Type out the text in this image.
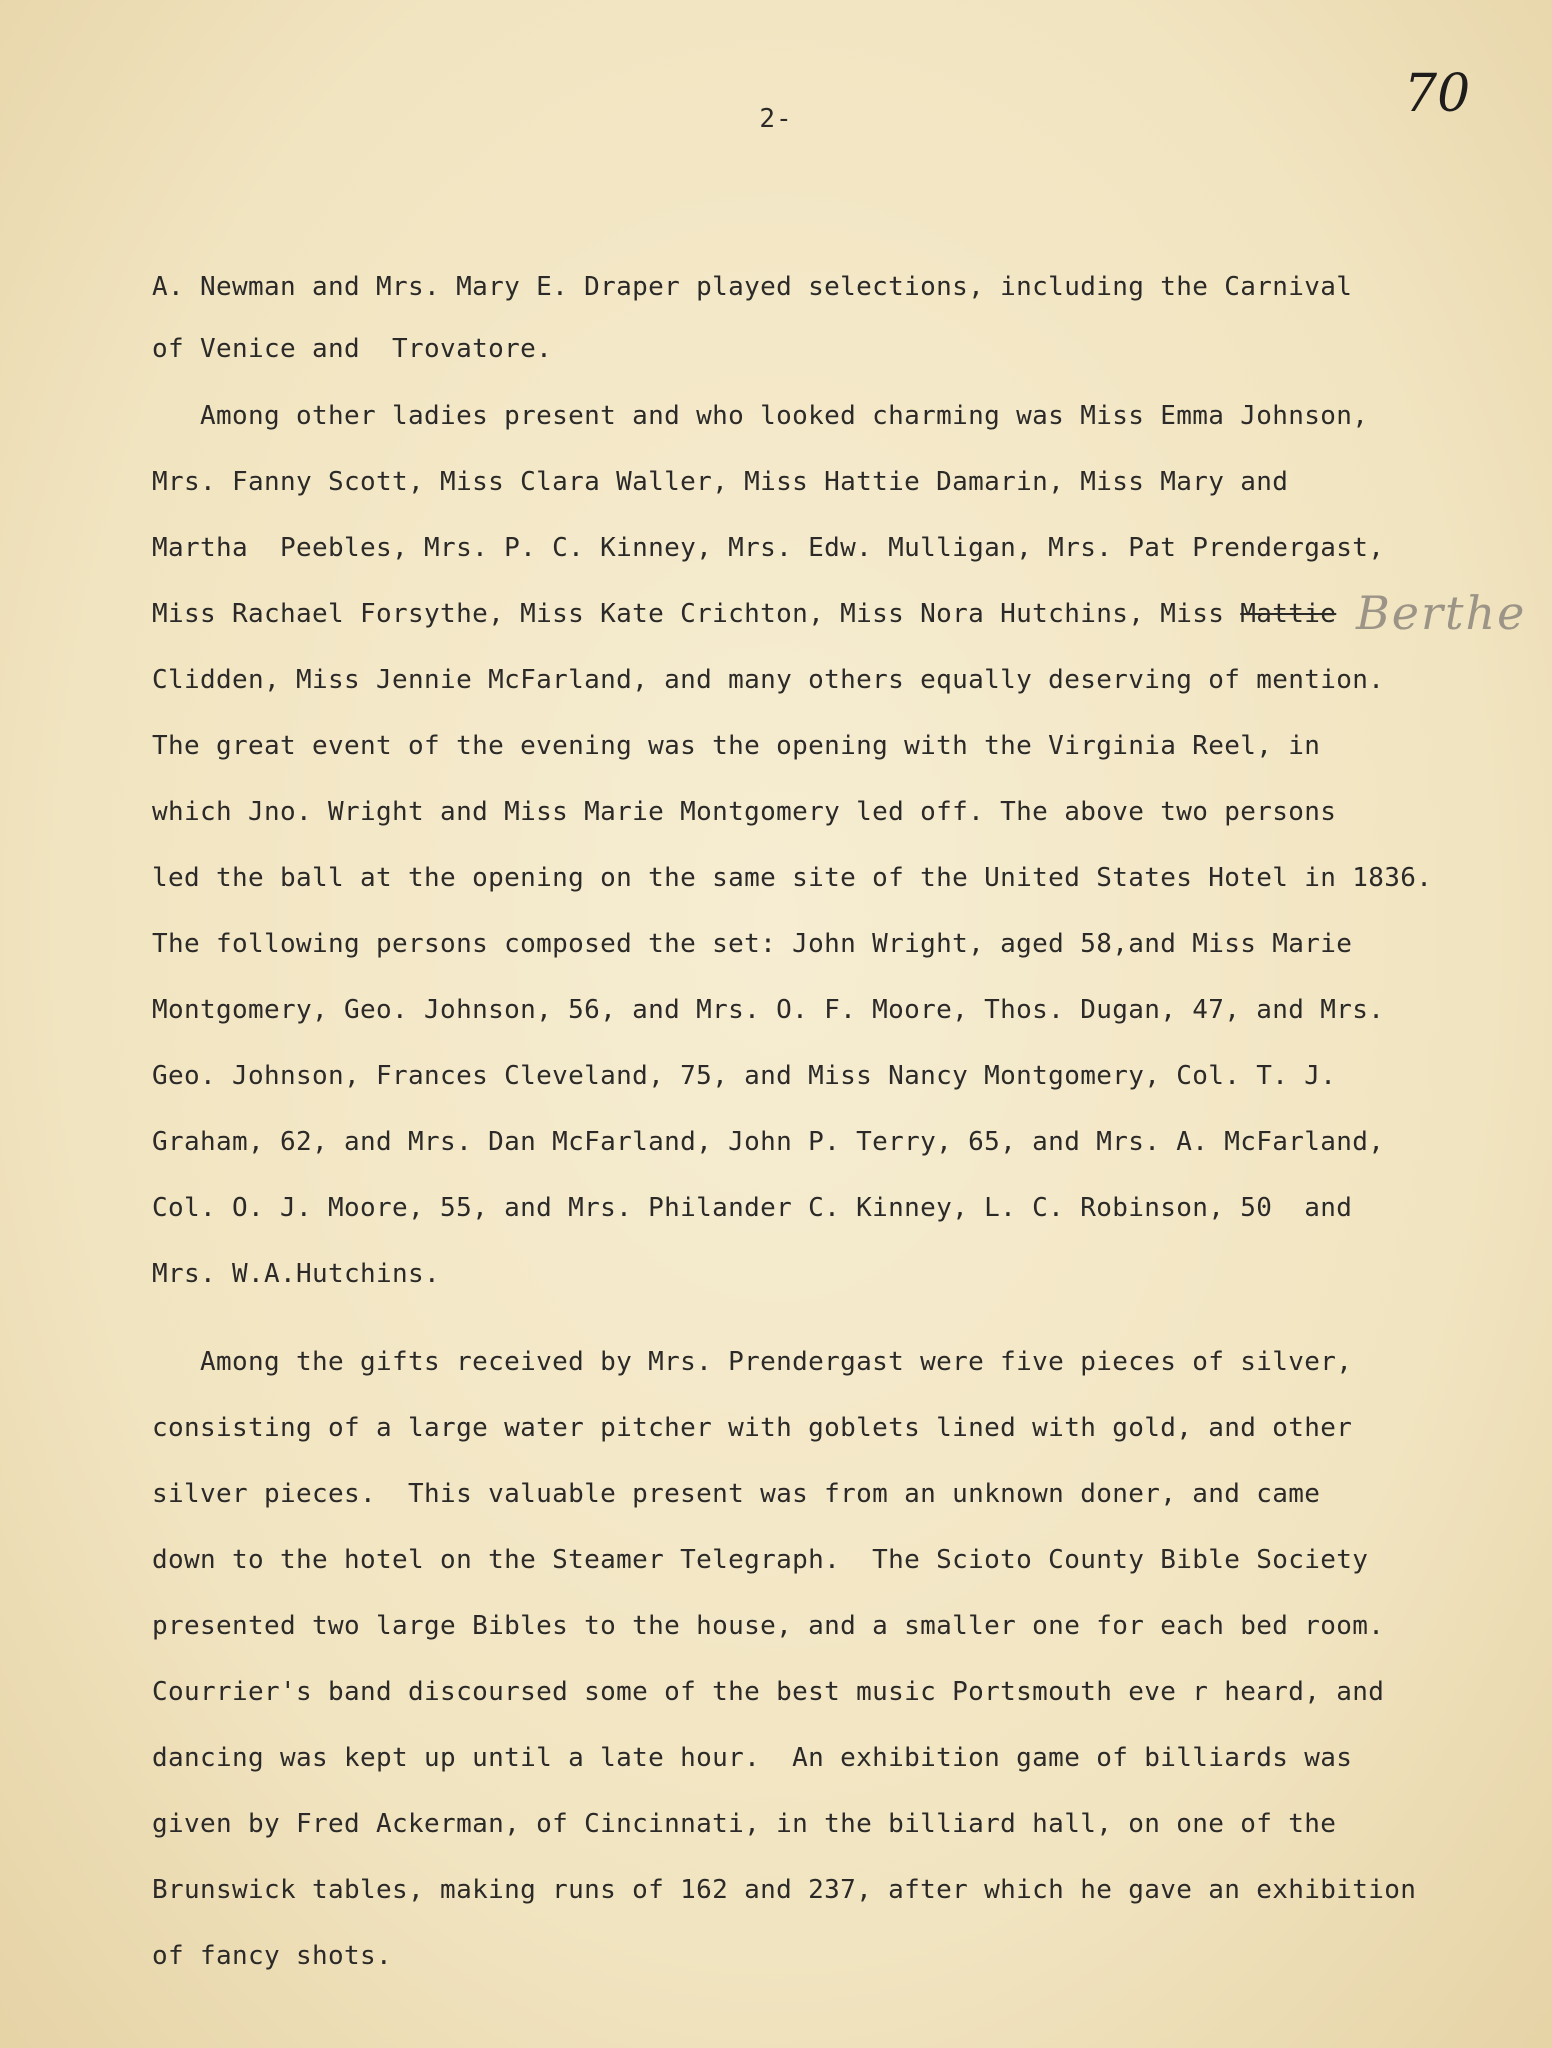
2-	70
A. Newman and Mrs. Mary E. Draper played selections, including the Carnival
of Venice and  Trovatore.
Among other ladies present and who looked charming was Miss Emma Johnson,
Mrs. Fanny Scott, Miss Clara Waller, Miss Hattie Damarin, Miss Mary and
Martha  Peebles, Mrs. P. C. Kinney, Mrs. Edw. Mulligan, Mrs. Pat Prendergast,
Miss Rachael Forsythe, Miss Kate Crichton, Miss Nora Hutchins, Miss Mattie
Clidden, Miss Jennie McFarland, and many others equally deserving of mention.
The great event of the evening was the opening with the Virginia Reel, in
which Jno. Wright and Miss Marie Montgomery led off. The above two persons
led the ball at the opening on the same site of the United States Hotel in 1836.
The following persons composed the set: John Wright, aged 58,and Miss Marie
Montgomery, Geo. Johnson, 56, and Mrs. O. F. Moore, Thos. Dugan, 47, and Mrs.
Geo. Johnson, Frances Cleveland, 75, and Miss Nancy Montgomery, Col. T. J.
Graham, 62, and Mrs. Dan McFarland, John P. Terry, 65, and Mrs. A. McFarland,
Col. O. J. Moore, 55, and Mrs. Philander C. Kinney, L. C. Robinson, 50  and
Mrs. W.A.Hutchins.
Berthe
Among the gifts received by Mrs. Prendergast were five pieces of silver,
consisting of a large water pitcher with goblets lined with gold, and other
silver pieces.  This valuable present was from an unknown doner, and came
down to the hotel on the Steamer Telegraph.  The Scioto County Bible Society
presented two large Bibles to the house, and a smaller one for each bed room.
Courrier's band discoursed some of the best music Portsmouth eve r heard, and
dancing was kept up until a late hour.  An exhibition game of billiards was
given by Fred Ackerman, of Cincinnati, in the billiard hall, on one of the
Brunswick tables, making runs of 162 and 237, after which he gave an exhibition
of fancy shots.
